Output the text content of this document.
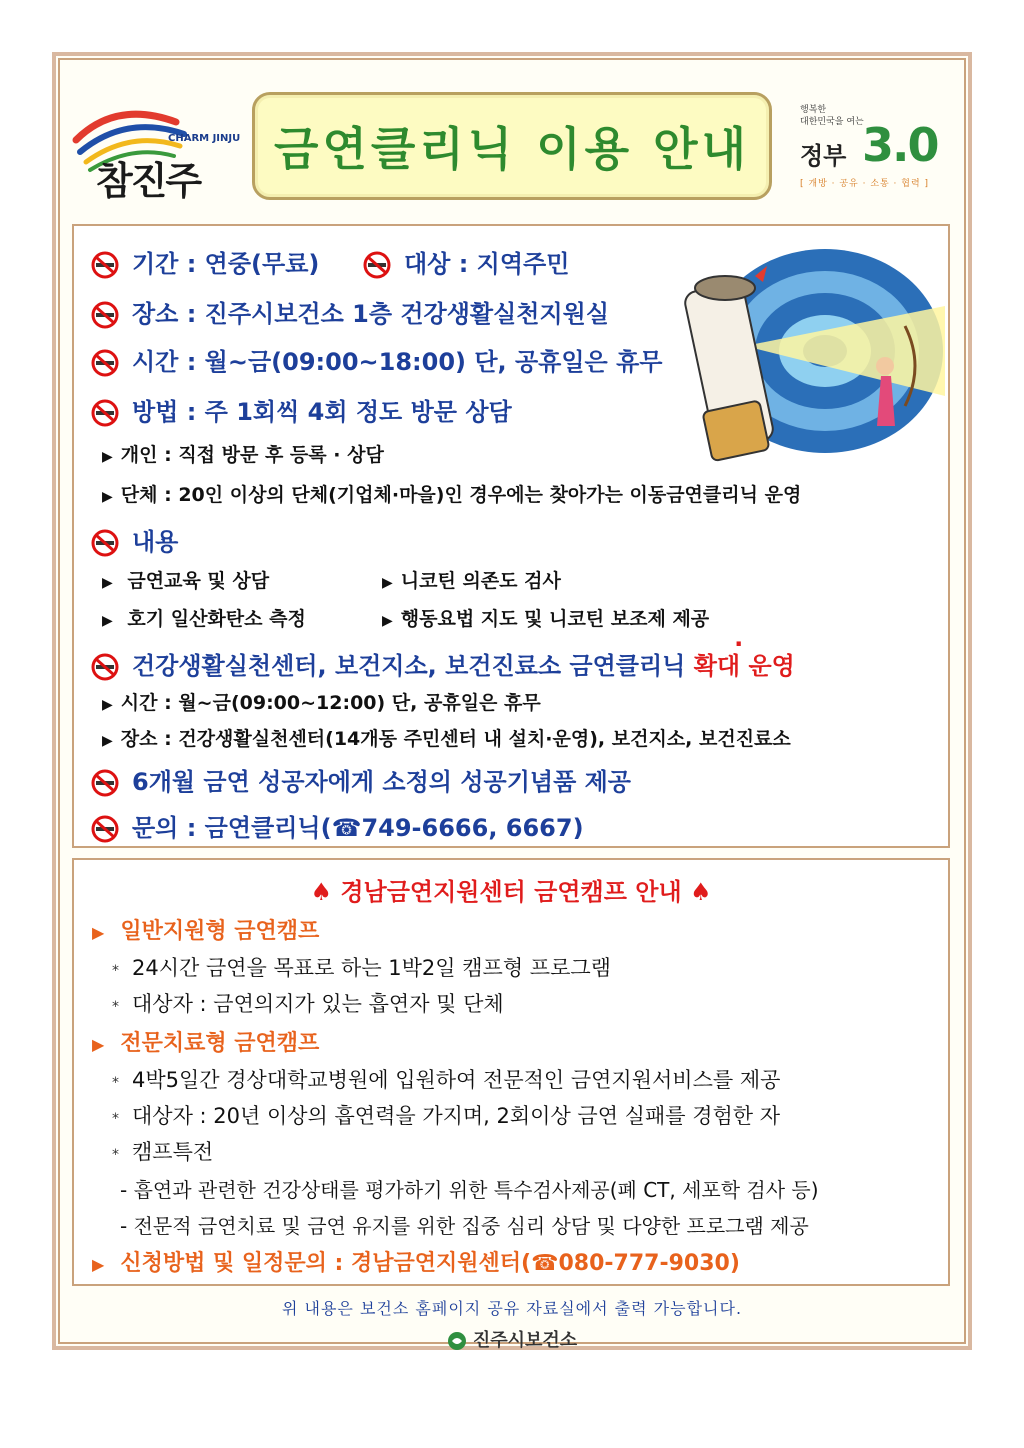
CHARM JINJU
참진주
금연클리닉 이용 안내
행복한
대한민국을 여는
정부 3.0
[ 개방 · 공유 · 소통 · 협력 ]
기간 : 연중(무료)	대상 : 지역주민
장소 : 진주시보건소 1층 건강생활실천지원실
시간 : 월~금(09:00~18:00) 단, 공휴일은 휴무
방법 : 주 1회씩 4회 정도 방문 상담
▶ 개인 : 직접 방문 후 등록 · 상담
▶ 단체 : 20인 이상의 단체(기업체·마을)인 경우에는 찾아가는 이동금연클리닉 운영
내용
▶ 금연교육 및 상담	▶ 니코틴 의존도 검사
▶ 호기 일산화탄소 측정	▶ 행동요법 지도 및 니코틴 보조제 제공
건강생활실천센터, 보건지소, 보건진료소 금연클리닉 · 확대 운영
▶ 시간 : 월~금(09:00~12:00) 단, 공휴일은 휴무
▶ 장소 : 건강생활실천센터(14개동 주민센터 내 설치·운영), 보건지소, 보건진료소
6개월 금연 성공자에게 소정의 성공기념품 제공
문의 : 금연클리닉(☎749-6666, 6667)
♠ 경남금연지원센터 금연캠프 안내 ♠
▶ 일반지원형 금연캠프
* 24시간 금연을 목표로 하는 1박2일 캠프형 프로그램
* 대상자 : 금연의지가 있는 흡연자 및 단체
▶ 전문치료형 금연캠프
* 4박5일간 경상대학교병원에 입원하여 전문적인 금연지원서비스를 제공
* 대상자 : 20년 이상의 흡연력을 가지며, 2회이상 금연 실패를 경험한 자
* 캠프특전
- 흡연과 관련한 건강상태를 평가하기 위한 특수검사제공(폐 CT, 세포학 검사 등)
- 전문적 금연치료 및 금연 유지를 위한 집중 심리 상담 및 다양한 프로그램 제공
▶ 신청방법 및 일정문의 : 경남금연지원센터(☎080-777-9030)
위 내용은 보건소 홈페이지 공유 자료실에서 출력 가능합니다.
진주시보건소
